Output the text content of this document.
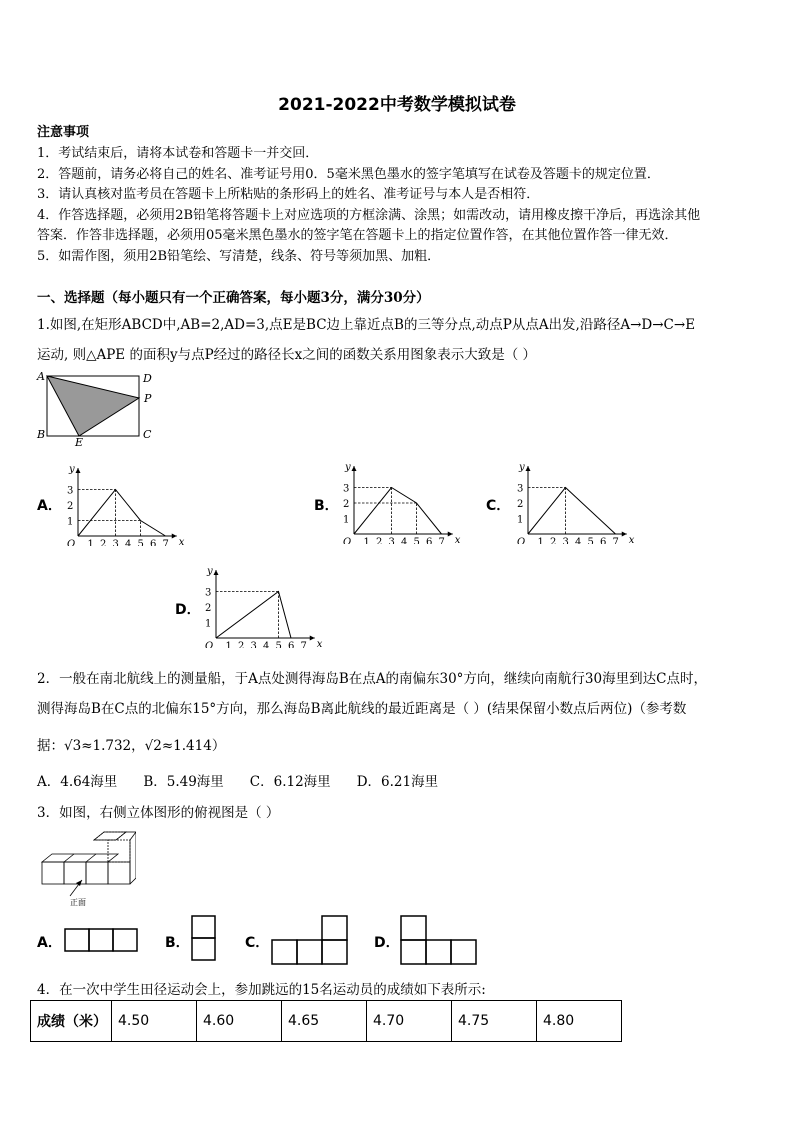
2021-2022中考数学模拟试卷
注意事项
1．考试结束后，请将本试卷和答题卡一并交回．
2．答题前，请务必将自己的姓名、准考证号用0．5毫米黑色墨水的签字笔填写在试卷及答题卡的规定位置．
3．请认真核对监考员在答题卡上所粘贴的条形码上的姓名、准考证号与本人是否相符．
4．作答选择题，必须用2B铅笔将答题卡上对应选项的方框涂满、涂黑；如需改动，请用橡皮擦干净后，再选涂其他
答案．作答非选择题，必须用05毫米黑色墨水的签字笔在答题卡上的指定位置作答，在其他位置作答一律无效．
5．如需作图，须用2B铅笔绘、写清楚，线条、符号等须加黑、加粗．
一、选择题（每小题只有一个正确答案，每小题3分，满分30分）
1.如图,在矩形ABCD中,AB=2,AD=3,点E是BC边上靠近点B的三等分点,动点P从点A出发,沿路径A→D→C→E
运动, 则△APE 的面积y与点P经过的路径长x之间的函数关系用图象表示大致是（ ）
A	D
P
B	C
E
A．	B．	C．
D．
1 2 3 4 5 6 7
1
2
3
O	x
y
1 2 3 4 5 6 7
1
2
3
O	x
y
1 2 3 4 5 6 7
1
2
3
O	x
y
1 2 3 4 5 6 7
1
2
3
O	x
y
2．一般在南北航线上的测量船，于A点处测得海岛B在点A的南偏东30°方向，继续向南航行30海里到达C点时，
测得海岛B在C点的北偏东15°方向，那么海岛B离此航线的最近距离是（ ）(结果保留小数点后两位)（参考数
据：√3≈1.732，√2≈1.414）
A．4.64海里 B．5.49海里 C．6.12海里 D．6.21海里
3．如图，右侧立体图形的俯视图是（ ）
正面
A．	B．	C．	D．
4．在一次中学生田径运动会上，参加跳远的15名运动员的成绩如下表所示:
成绩（米）	4.50	4.60	4.65	4.70	4.75	4.80
